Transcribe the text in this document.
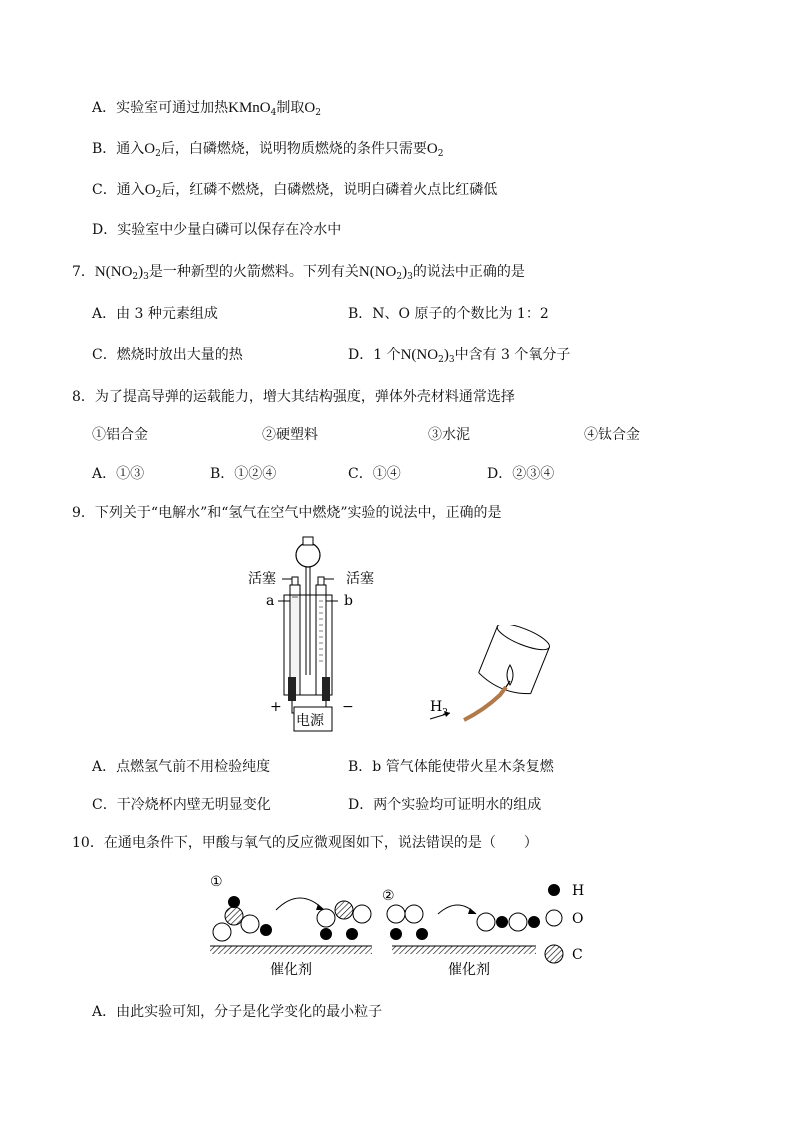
A．实验室可通过加热KMnO$_4$制取$O_2$
B．通入$O_2$后，白磷燃烧，说明物质燃烧的条件只需要$O_2$
C．通入$O_2$后，红磷不燃烧，白磷燃烧，说明白磷着火点比红磷低
D．实验室中少量白磷可以保存在冷水中
7．$N(NO_2)_3$是一种新型的火箭燃料。下列有关$N(NO_2)_3$的说法中正确的是
A．由 3 种元素组成	B．N、O 原子的个数比为 1：2
C．燃烧时放出大量的热	D．1 个$N(NO_2)_3$中含有 3 个氧分子
8．为了提高导弹的运载能力，增大其结构强度，弹体外壳材料通常选择
①铝合金	②硬塑料	③水泥	④钛合金
A．①③	B．①②④	C．①④	D．②③④
9．下列关于“电解水”和“氢气在空气中燃烧”实验的说法中，正确的是
活塞	活塞
a	b
+	−
电源
$H_2$
A．点燃氢气前不用检验纯度	B．b 管气体能使带火星木条复燃
C．干冷烧杯内壁无明显变化	D．两个实验均可证明水的组成
10．在通电条件下，甲酸与氧气的反应微观图如下，说法错误的是（　　）
①
②
催化剂	催化剂
H
O
C
A．由此实验可知，分子是化学变化的最小粒子
